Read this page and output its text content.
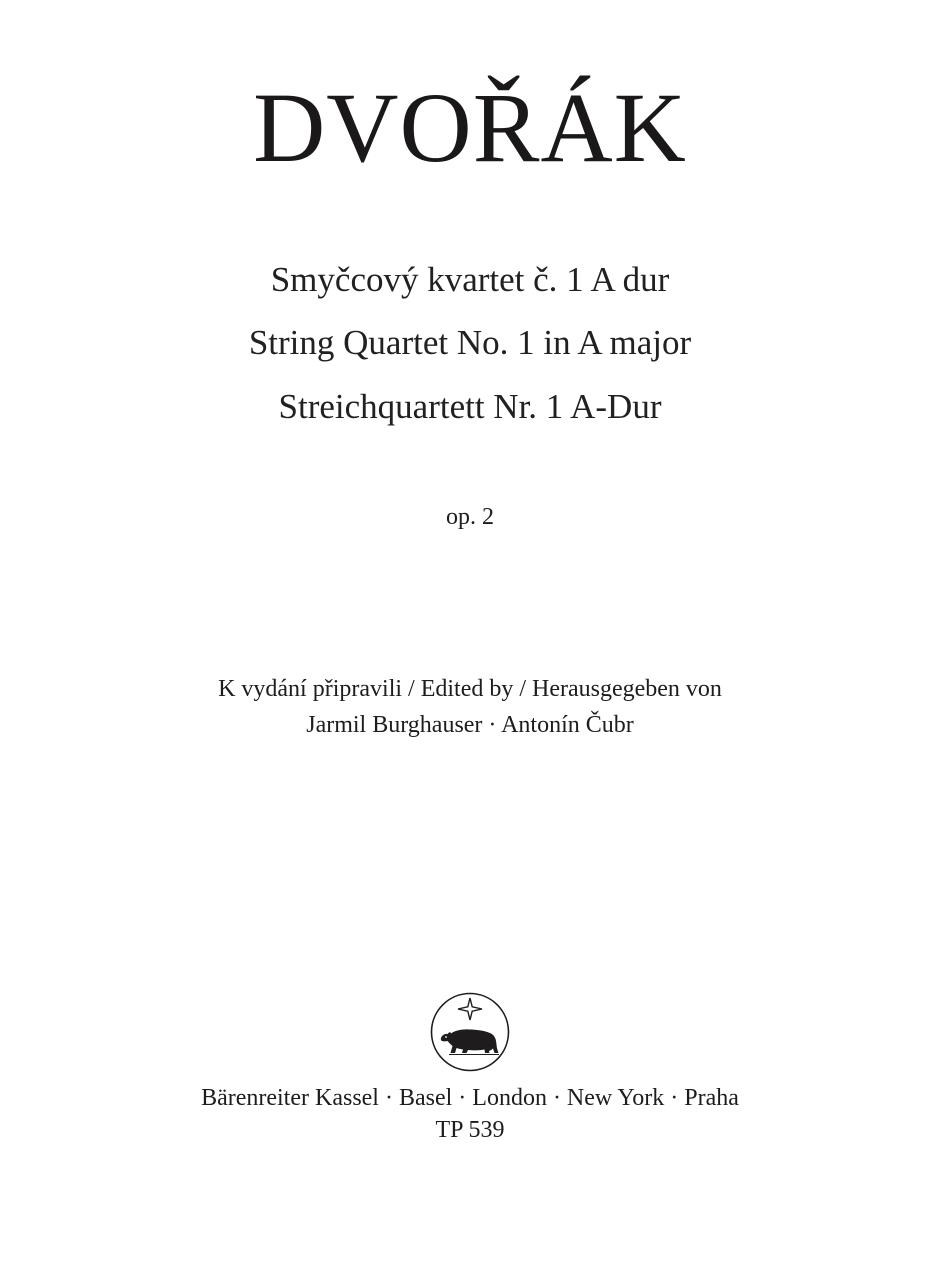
DVOŘÁK
Smyčcový kvartet č. 1 A dur
String Quartet No. 1 in A major
Streichquartett Nr. 1 A-Dur
op. 2
K vydání připravili / Edited by / Herausgegeben von
Jarmil Burghauser · Antonín Čubr
Bärenreiter Kassel · Basel · London · New York · Praha
TP 539
